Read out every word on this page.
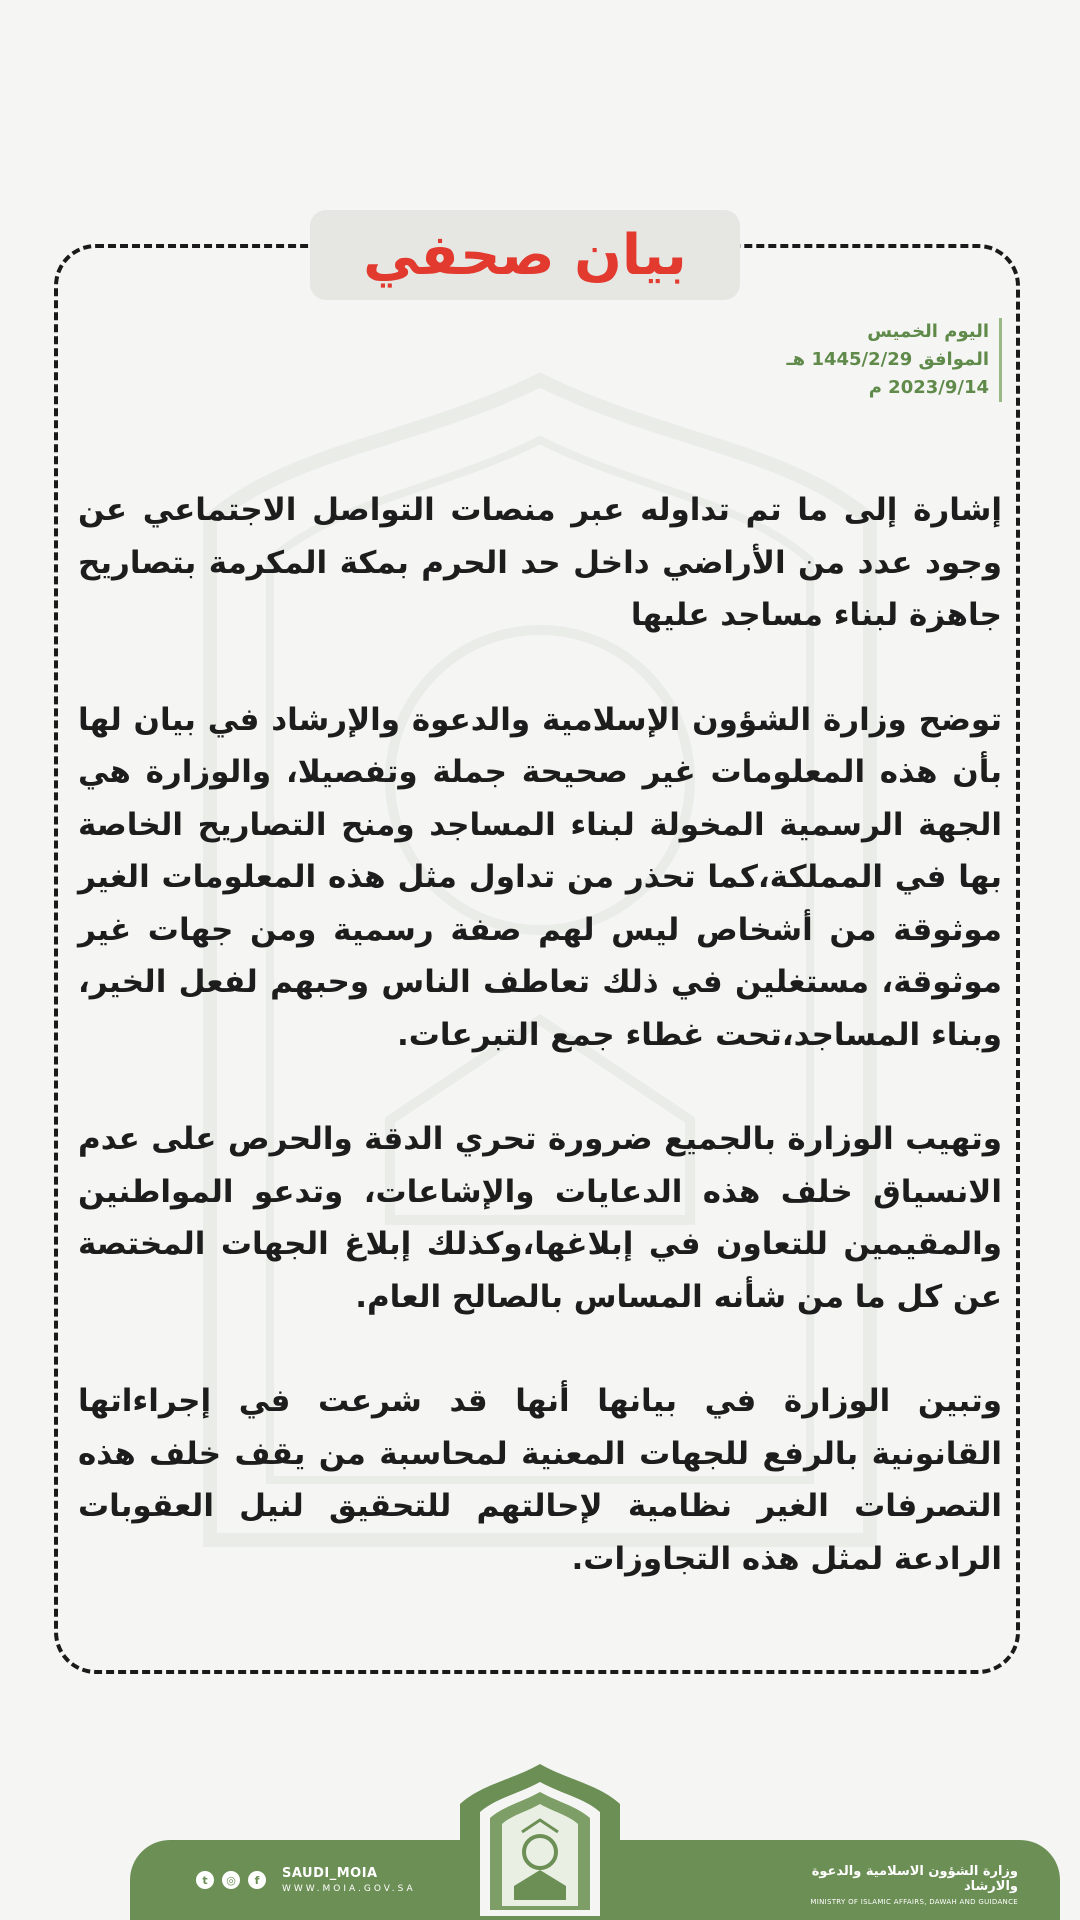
بيان صحفي
اليوم الخميس
الموافق 1445/2/29 هـ
2023/9/14 م

إشارة إلى ما تم تداوله عبر منصات التواصل الاجتماعي عن وجود عدد من الأراضي داخل حد الحرم بمكة المكرمة بتصاريح جاهزة لبناء مساجد عليها

توضح وزارة الشؤون الإسلامية والدعوة والإرشاد في بيان لها بأن هذه المعلومات غير صحيحة جملة وتفصيلا، والوزارة هي الجهة الرسمية المخولة لبناء المساجد ومنح التصاريح الخاصة بها في المملكة،كما تحذر من تداول مثل هذه المعلومات الغير موثوقة من أشخاص ليس لهم صفة رسمية ومن جهات غير موثوقة، مستغلين في ذلك تعاطف الناس وحبهم لفعل الخير، وبناء المساجد،تحت غطاء جمع التبرعات.

وتهيب الوزارة بالجميع ضرورة تحري الدقة والحرص على عدم الانسياق خلف هذه الدعايات والإشاعات، وتدعو المواطنين والمقيمين للتعاون في إبلاغها،وكذلك إبلاغ الجهات المختصة عن كل ما من شأنه المساس بالصالح العام.

وتبين الوزارة في بيانها أنها قد شرعت في إجراءاتها القانونية بالرفع للجهات المعنية لمحاسبة من يقف خلف هذه التصرفات الغير نظامية لإحالتهم للتحقيق لنيل العقوبات الرادعة لمثل هذه التجاوزات.

t	◎	f	SAUDI_MOIA
WWW.MOIA.GOV.SA
وزارة الشؤون الاسلامية والدعوة والارشاد
MINISTRY OF ISLAMIC AFFAIRS, DAWAH AND GUIDANCE
